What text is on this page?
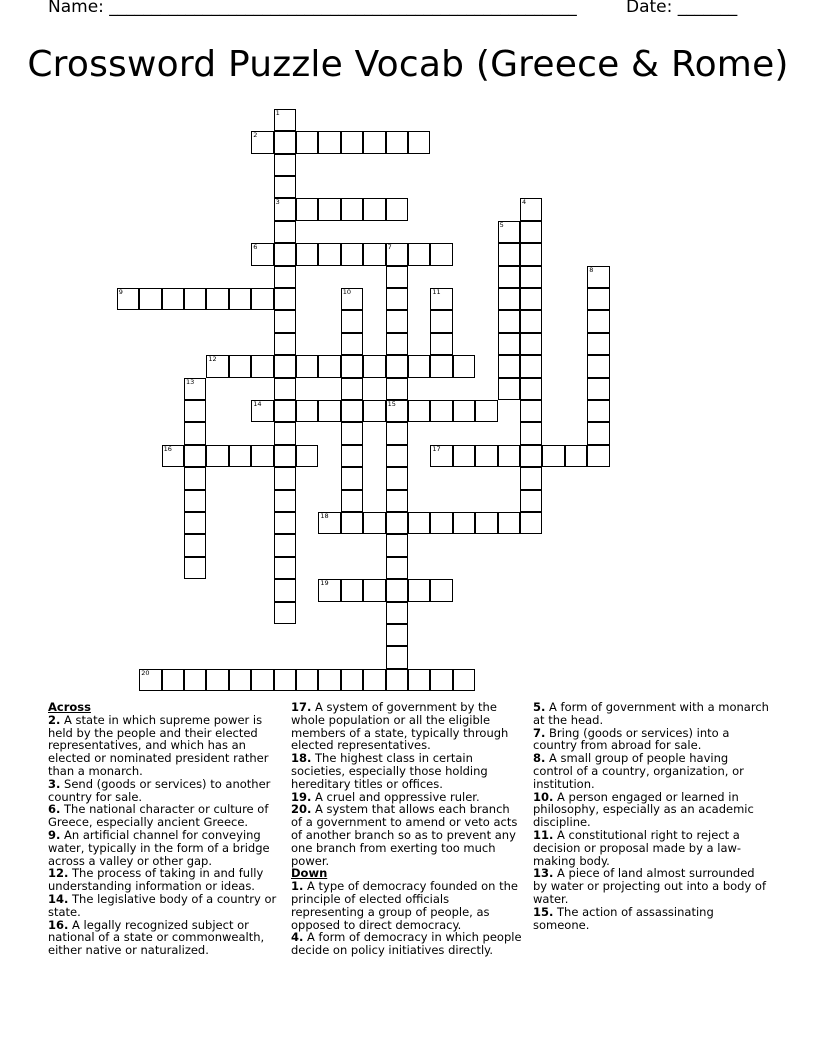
Name: _______________________________________________________	Date: _______
Crossword Puzzle Vocab (Greece & Rome)
1
2
3	4
5
6	7
8
9	10	11
12
13
14	15
16	17
18
19
20
Across
2. A state in which supreme power is held by the people and their elected representatives, and which has an elected or nominated president rather than a monarch.
3. Send (goods or services) to another country for sale.
6. The national character or culture of Greece, especially ancient Greece.
9. An artificial channel for conveying water, typically in the form of a bridge across a valley or other gap.
12. The process of taking in and fully understanding information or ideas.
14. The legislative body of a country or state.
16. A legally recognized subject or national of a state or commonwealth, either native or naturalized.
17. A system of government by the whole population or all the eligible members of a state, typically through elected representatives.
18. The highest class in certain societies, especially those holding hereditary titles or offices.
19. A cruel and oppressive ruler.
20. A system that allows each branch of a government to amend or veto acts of another branch so as to prevent any one branch from exerting too much power.
Down
1. A type of democracy founded on the principle of elected officials representing a group of people, as opposed to direct democracy.
4. A form of democracy in which people decide on policy initiatives directly.
5. A form of government with a monarch at the head.
7. Bring (goods or services) into a country from abroad for sale.
8. A small group of people having control of a country, organization, or institution.
10. A person engaged or learned in philosophy, especially as an academic discipline.
11. A constitutional right to reject a decision or proposal made by a law-making body.
13. A piece of land almost surrounded by water or projecting out into a body of water.
15. The action of assassinating someone.
